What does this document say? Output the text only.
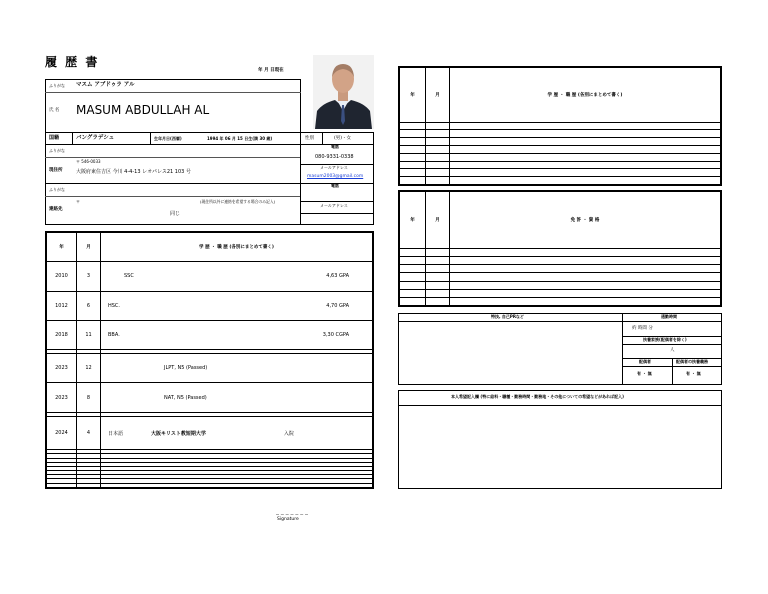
履 歴 書
年 月 日現在
ふりがな マスム アブドゥラ アル
氏 名 MASUM ABDULLAH AL
国籍	バングラデシュ	生年月日(西暦)	1994 年 06 月 15 日生(満 30 歳)	性別	(男)・女
ふりがな
〒 546-0033
現住所	大阪府東住吉区 今川 4-4-13 レオパレス21 103 号
電話
080-9331-0338
メールアドレス
masum2003@gmail.com
ふりがな
〒
連絡先
(現住所以外に連絡を希望する場合のみ記入)
同じ
電話
メールアドレス
年	月	学 歴 ・ 職 歴 (各別にまとめて書く)
2010	3	SSC 4,63 GPA

1012	6	HSC. 4,70 GPA

2018	11	BBA. 3,30 CGPA

2023	12	JLPT, N5 (Passed)
2023	8	NAT, N5 (Passed)

2024	4	日本語 大阪キリスト教短期大学 入院

Signature
年	月	学 歴 ・ 職 歴 (各別にまとめて書く)

年	月	免 許 ・ 資 格

特技, 自己PRなど	通勤時間
約 時間 分
扶養家族(配偶者を除く)
人
配偶者	配偶者の扶養義務
有 ・ 無	有 ・ 無
本人希望記入欄 (特に給料・職種・勤務時間・勤務地・その他についての希望などがあれば記入)
